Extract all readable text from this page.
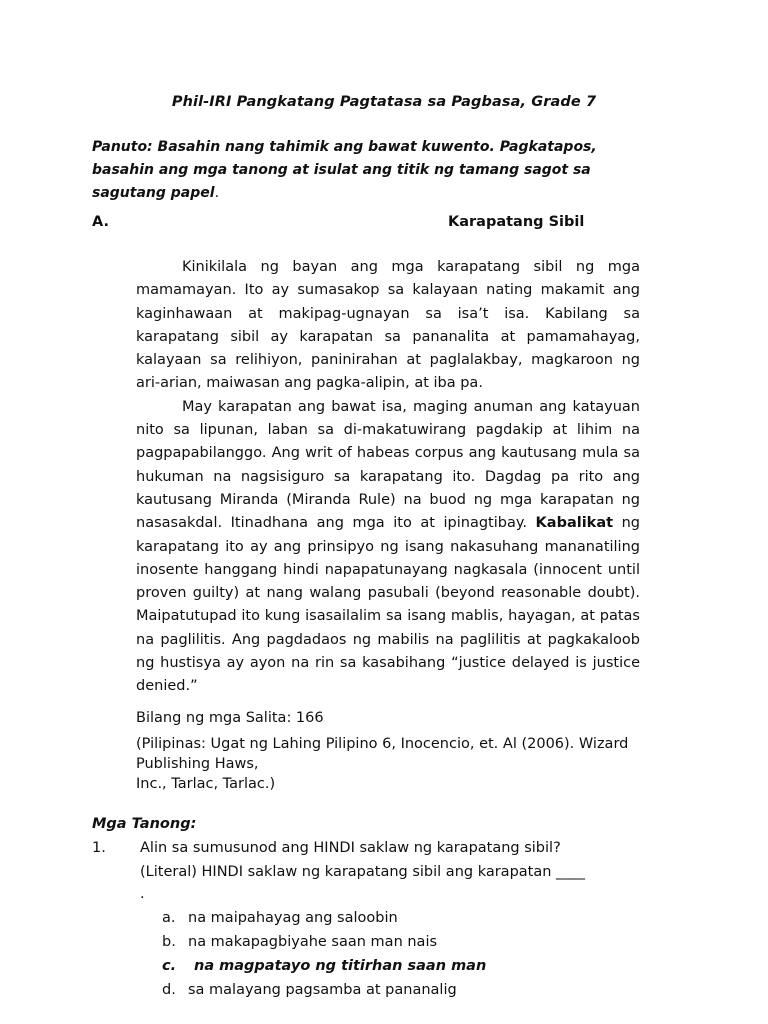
Phil-IRI Pangkatang Pagtatasa sa Pagbasa, Grade 7
Panuto: Basahin nang tahimik ang bawat kuwento. Pagkatapos, basahin ang mga tanong at isulat ang titik ng tamang sagot sa sagutang papel.
A.	Karapatang Sibil

Kinikilala ng bayan ang mga karapatang sibil ng mga mamamayan. Ito ay sumasakop sa kalayaan nating makamit ang kaginhawaan at makipag-ugnayan sa isa’t isa. Kabilang sa karapatang sibil ay karapatan sa pananalita at pamamahayag, kalayaan sa relihiyon, paninirahan at paglalakbay, magkaroon ng ari-arian, maiwasan ang pagka-alipin, at iba pa.

May karapatan ang bawat isa, maging anuman ang katayuan nito sa lipunan, laban sa di-makatuwirang pagdakip at lihim na pagpapabilanggo. Ang writ of habeas corpus ang kautusang mula sa hukuman na nagsisiguro sa karapatang ito. Dagdag pa rito ang kautusang Miranda (Miranda Rule) na buod ng mga karapatan ng nasasakdal. Itinadhana ang mga ito at ipinagtibay. Kabalikat ng karapatang ito ay ang prinsipyo ng isang nakasuhang mananatiling inosente hanggang hindi napapatunayang nagkasala (innocent until proven guilty) at nang walang pasubali (beyond reasonable doubt). Maipatutupad ito kung isasailalim sa isang mablis, hayagan, at patas na paglilitis. Ang pagdadaos ng mabilis na paglilitis at pagkakaloob ng hustisya ay ayon na rin sa kasabihang “justice delayed is justice denied.”

Bilang ng mga Salita: 166
(Pilipinas: Ugat ng Lahing Pilipino 6, Inocencio, et. Al (2006). Wizard
Publishing Haws,
Inc., Tarlac, Tarlac.)
Mga Tanong:
1. Alin sa sumusunod ang HINDI saklaw ng karapatang sibil?
(Literal) HINDI saklaw ng karapatang sibil ang karapatan ____
.
a. na maipahayag ang saloobin
b. na makapagbiyahe saan man nais
c. na magpatayo ng titirhan saan man
d. sa malayang pagsamba at pananalig
